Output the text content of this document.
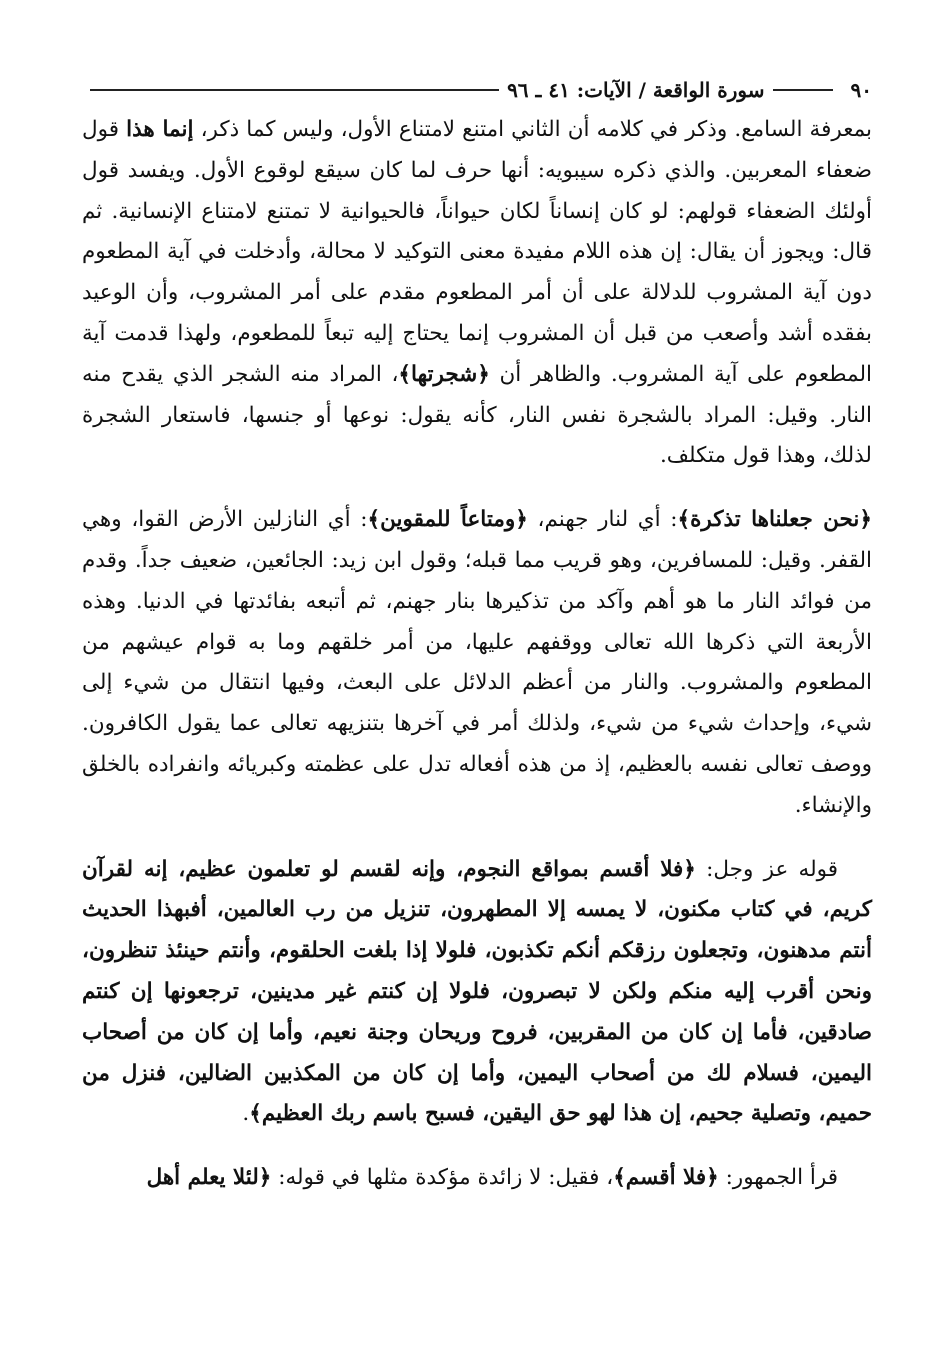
٩٠
سورة الواقعة / الآيات: ٤١ ـ ٩٦

بمعرفة السامع. وذكر في كلامه أن الثاني امتنع لامتناع الأول، وليس كما ذكر، إنما هذا قول ضعفاء المعربين. والذي ذكره سيبويه: أنها حرف لما كان سيقع لوقوع الأول. ويفسد قول أولئك الضعفاء قولهم: لو كان إنساناً لكان حيواناً، فالحيوانية لا تمتنع لامتناع الإنسانية. ثم قال: ويجوز أن يقال: إن هذه اللام مفيدة معنى التوكيد لا محالة، وأدخلت في آية المطعوم دون آية المشروب للدلالة على أن أمر المطعوم مقدم على أمر المشروب، وأن الوعيد بفقده أشد وأصعب من قبل أن المشروب إنما يحتاج إليه تبعاً للمطعوم، ولهذا قدمت آية المطعوم على آية المشروب. والظاهر أن ﴿شجرتها﴾، المراد منه الشجر الذي يقدح منه النار. وقيل: المراد بالشجرة نفس النار، كأنه يقول: نوعها أو جنسها، فاستعار الشجرة لذلك، وهذا قول متكلف.

﴿نحن جعلناها تذكرة﴾: أي لنار جهنم، ﴿ومتاعاً للمقوين﴾: أي النازلين الأرض القوا، وهي القفر. وقيل: للمسافرين، وهو قريب مما قبله؛ وقول ابن زيد: الجائعين، ضعيف جداً. وقدم من فوائد النار ما هو أهم وآكد من تذكيرها بنار جهنم، ثم أتبعه بفائدتها في الدنيا. وهذه الأربعة التي ذكرها الله تعالى ووقفهم عليها، من أمر خلقهم وما به قوام عيشهم من المطعوم والمشروب. والنار من أعظم الدلائل على البعث، وفيها انتقال من شيء إلى شيء، وإحداث شيء من شيء، ولذلك أمر في آخرها بتنزيهه تعالى عما يقول الكافرون. ووصف تعالى نفسه بالعظيم، إذ من هذه أفعاله تدل على عظمته وكبريائه وانفراده بالخلق والإنشاء.

قوله عز وجل: ﴿فلا أقسم بمواقع النجوم، وإنه لقسم لو تعلمون عظيم، إنه لقرآن كريم، في كتاب مكنون، لا يمسه إلا المطهرون، تنزيل من رب العالمين، أفبهذا الحديث أنتم مدهنون، وتجعلون رزقكم أنكم تكذبون، فلولا إذا بلغت الحلقوم، وأنتم حينئذ تنظرون، ونحن أقرب إليه منكم ولكن لا تبصرون، فلولا إن كنتم غير مدينين، ترجعونها إن كنتم صادقين، فأما إن كان من المقربين، فروح وريحان وجنة نعيم، وأما إن كان من أصحاب اليمين، فسلام لك من أصحاب اليمين، وأما إن كان من المكذبين الضالين، فنزل من حميم، وتصلية جحيم، إن هذا لهو حق اليقين، فسبح باسم ربك العظيم﴾.

قرأ الجمهور: ﴿فلا أقسم﴾، فقيل: لا زائدة مؤكدة مثلها في قوله: ﴿لئلا يعلم أهل
